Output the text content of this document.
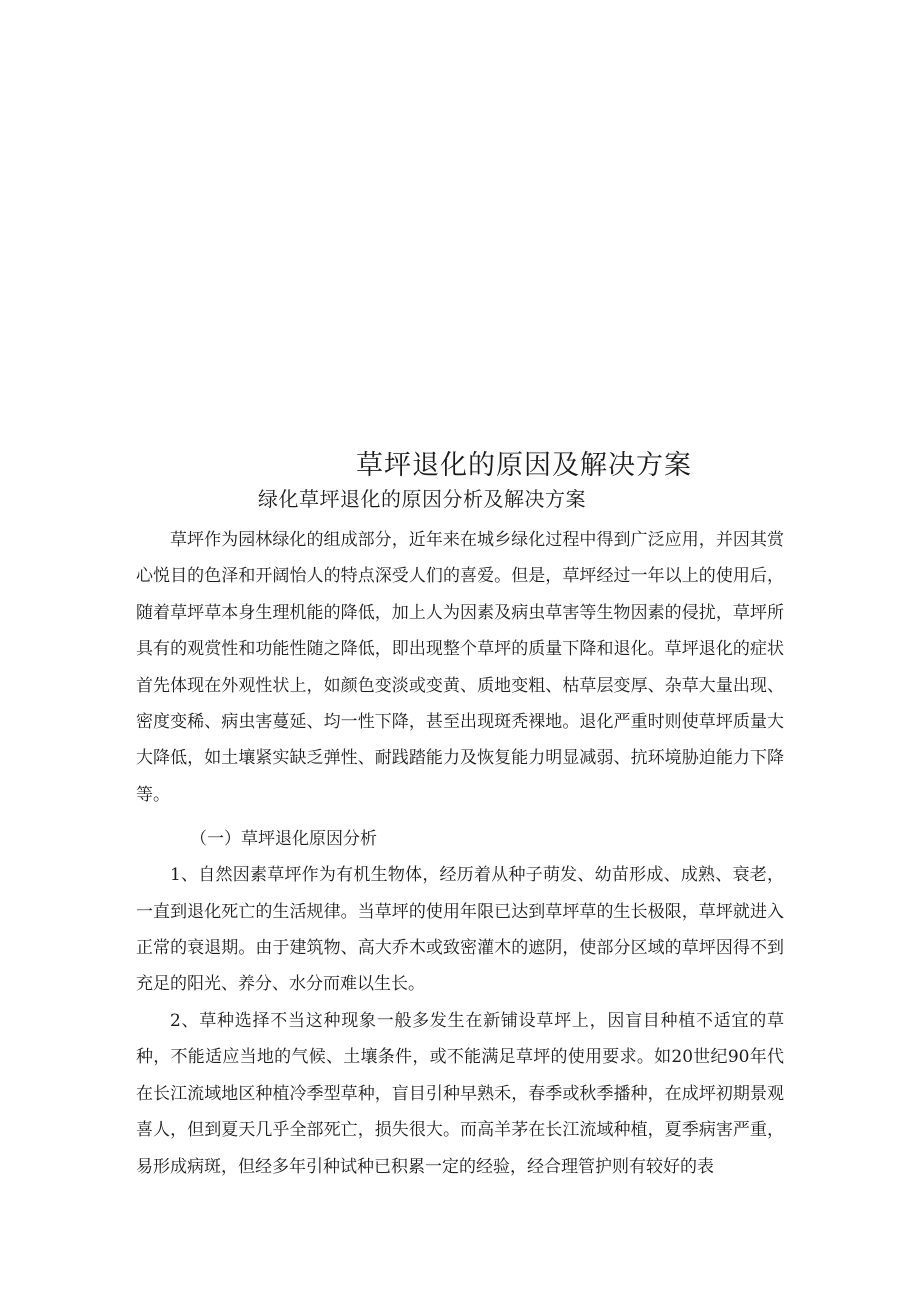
草坪退化的原因及解决方案
绿化草坪退化的原因分析及解决方案

草坪作为园林绿化的组成部分，近年来在城乡绿化过程中得到广泛应用，并因其赏心悦目的色泽和开阔怡人的特点深受人们的喜爱。但是，草坪经过一年以上的使用后，随着草坪草本身生理机能的降低，加上人为因素及病虫草害等生物因素的侵扰，草坪所具有的观赏性和功能性随之降低，即出现整个草坪的质量下降和退化。草坪退化的症状首先体现在外观性状上，如颜色变淡或变黄、质地变粗、枯草层变厚、杂草大量出现、密度变稀、病虫害蔓延、均一性下降，甚至出现斑秃裸地。退化严重时则使草坪质量大大降低，如土壤紧实缺乏弹性、耐践踏能力及恢复能力明显减弱、抗环境胁迫能力下降等。

（一）草坪退化原因分析

1、自然因素草坪作为有机生物体，经历着从种子萌发、幼苗形成、成熟、衰老，一直到退化死亡的生活规律。当草坪的使用年限已达到草坪草的生长极限，草坪就进入正常的衰退期。由于建筑物、高大乔木或致密灌木的遮阴，使部分区域的草坪因得不到充足的阳光、养分、水分而难以生长。

2、草种选择不当这种现象一般多发生在新铺设草坪上，因盲目种植不适宜的草种，不能适应当地的气候、土壤条件，或不能满足草坪的使用要求。如20世纪90年代在长江流域地区种植冷季型草种，盲目引种早熟禾，春季或秋季播种，在成坪初期景观喜人，但到夏天几乎全部死亡，损失很大。而高羊茅在长江流域种植，夏季病害严重，易形成病斑，但经多年引种试种已积累一定的经验，经合理管护则有较好的表
